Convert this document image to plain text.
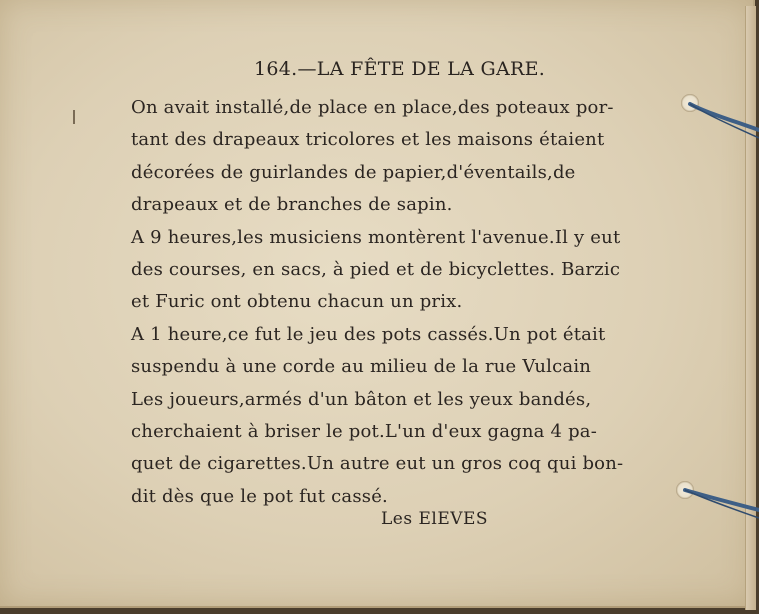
164.—LA FÊTE DE LA GARE.
On avait installé,de place en place,des poteaux por-
tant des drapeaux tricolores et les maisons étaient
décorées de guirlandes de papier,d'éventails,de
drapeaux et de branches de sapin.
A 9 heures,les musiciens montèrent l'avenue.Il y eut
des courses, en sacs, à pied et de bicyclettes. Barzic
et Furic ont obtenu chacun un prix.
A 1 heure,ce fut le jeu des pots cassés.Un pot était
suspendu à une corde au milieu de la rue Vulcain
Les joueurs,armés d'un bâton et les yeux bandés,
cherchaient à briser le pot.L'un d'eux gagna 4 pa-
quet de cigarettes.Un autre eut un gros coq qui bon-
dit dès que le pot fut cassé.
Les ElEVES
